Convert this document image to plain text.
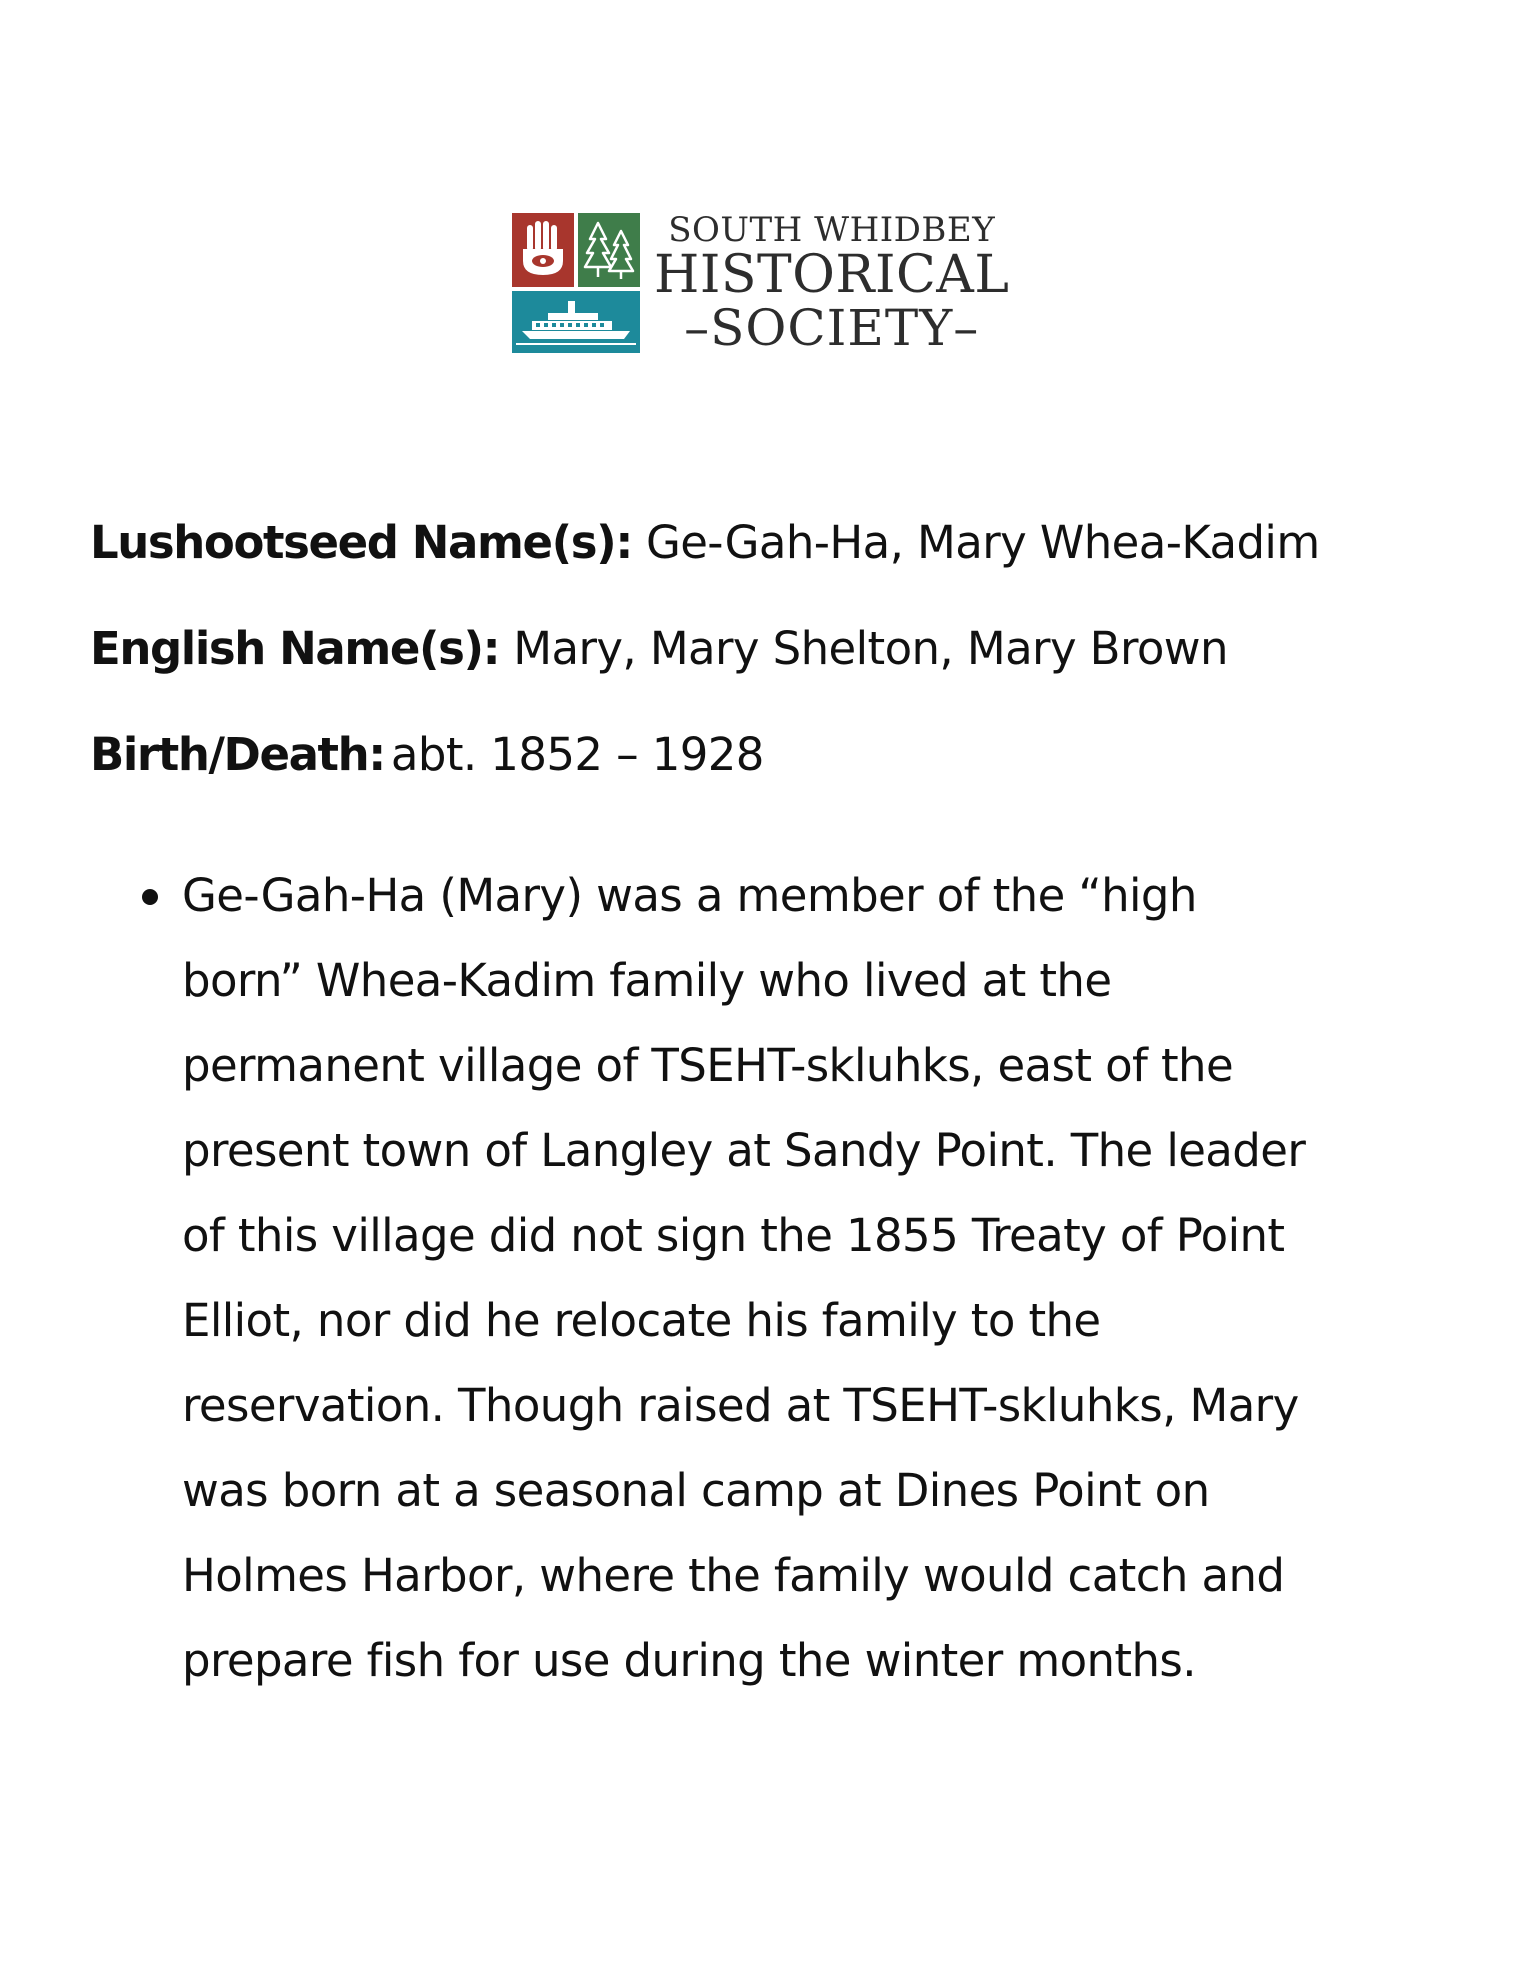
SOUTH WHIDBEY
HISTORICAL
–SOCIETY–
Lushootseed Name(s): Ge-Gah-Ha, Mary Whea-Kadim
English Name(s): Mary, Mary Shelton, Mary Brown
Birth/Death: abt. 1852 – 1928
Ge-Gah-Ha (Mary) was a member of the “high
born” Whea-Kadim family who lived at the
permanent village of TSEHT-skluhks, east of the
present town of Langley at Sandy Point. The leader
of this village did not sign the 1855 Treaty of Point
Elliot, nor did he relocate his family to the
reservation. Though raised at TSEHT-skluhks, Mary
was born at a seasonal camp at Dines Point on
Holmes Harbor, where the family would catch and
prepare fish for use during the winter months.
